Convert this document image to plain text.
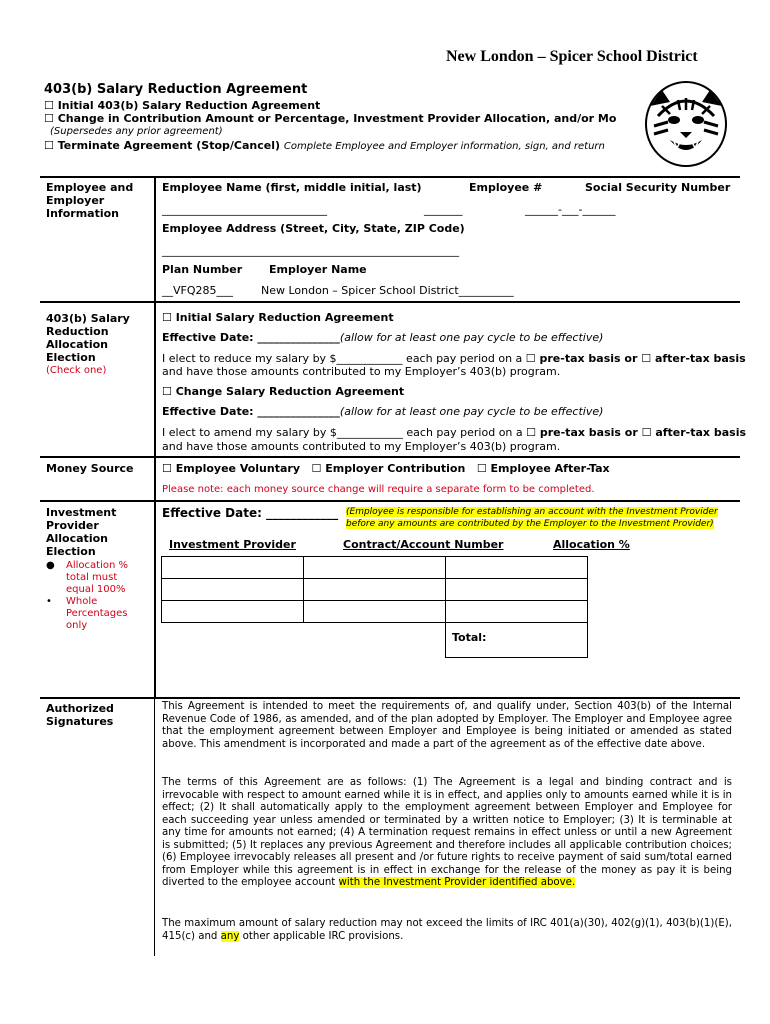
New London – Spicer School District
403(b) Salary Reduction Agreement
☐ Initial 403(b) Salary Reduction Agreement
☐ Change in Contribution Amount or Percentage, Investment Provider Allocation, and/or Mo
(Supersedes any prior agreement)
☐ Terminate Agreement (Stop/Cancel) Complete Employee and Employer information, sign, and return
Employee and Employer Information
Employee Name (first, middle initial, last)	Employee #	Social Security Number
______________________________	_______	______-___-______
Employee Address (Street, City, State, ZIP Code)
______________________________________________________
Plan Number Employer Name
__VFQ285___	New London – Spicer School District__________
403(b) Salary Reduction Allocation Election
(Check one)
☐ Initial Salary Reduction Agreement
Effective Date: _______________(allow for at least one pay cycle to be effective)
I elect to reduce my salary by $____________ each pay period on a ☐ pre-tax basis or ☐ after-tax basis
and have those amounts contributed to my Employer’s 403(b) program.
☐ Change Salary Reduction Agreement
Effective Date: _______________(allow for at least one pay cycle to be effective)
I elect to amend my salary by $____________ each pay period on a ☐ pre-tax basis or ☐ after-tax basis
and have those amounts contributed to my Employer’s 403(b) program.
Money Source	☐ Employee Voluntary ☐ Employer Contribution ☐ Employee After-Tax
Please note: each money source change will require a separate form to be completed.
Investment Provider Allocation Election
●	Allocation % total must equal 100%
•	Whole Percentages only
Effective Date: ____________ (Employee is responsible for establishing an account with the Investment Provider before any amounts are contributed by the Employer to the Investment Provider)
Investment Provider	Contract/Account Number	Allocation %

		Total:
Authorized Signatures
This Agreement is intended to meet the requirements of, and qualify under, Section 403(b) of the Internal Revenue Code of 1986, as amended, and of the plan adopted by Employer. The Employer and Employee agree that the employment agreement between Employer and Employee is being initiated or amended as stated above. This amendment is incorporated and made a part of the agreement as of the effective date above.
The terms of this Agreement are as follows: (1) The Agreement is a legal and binding contract and is irrevocable with respect to amount earned while it is in effect, and applies only to amounts earned while it is in effect; (2) It shall automatically apply to the employment agreement between Employer and Employee for each succeeding year unless amended or terminated by a written notice to Employer; (3) It is terminable at any time for amounts not earned; (4) A termination request remains in effect unless or until a new Agreement is submitted; (5) It replaces any previous Agreement and therefore includes all applicable contribution choices; (6) Employee irrevocably releases all present and /or future rights to receive payment of said sum/total earned from Employer while this agreement is in effect in exchange for the release of the money as pay it is being diverted to the employee account with the Investment Provider identified above.
The maximum amount of salary reduction may not exceed the limits of IRC 401(a)(30), 402(g)(1), 403(b)(1)(E), 415(c) and any other applicable IRC provisions.
